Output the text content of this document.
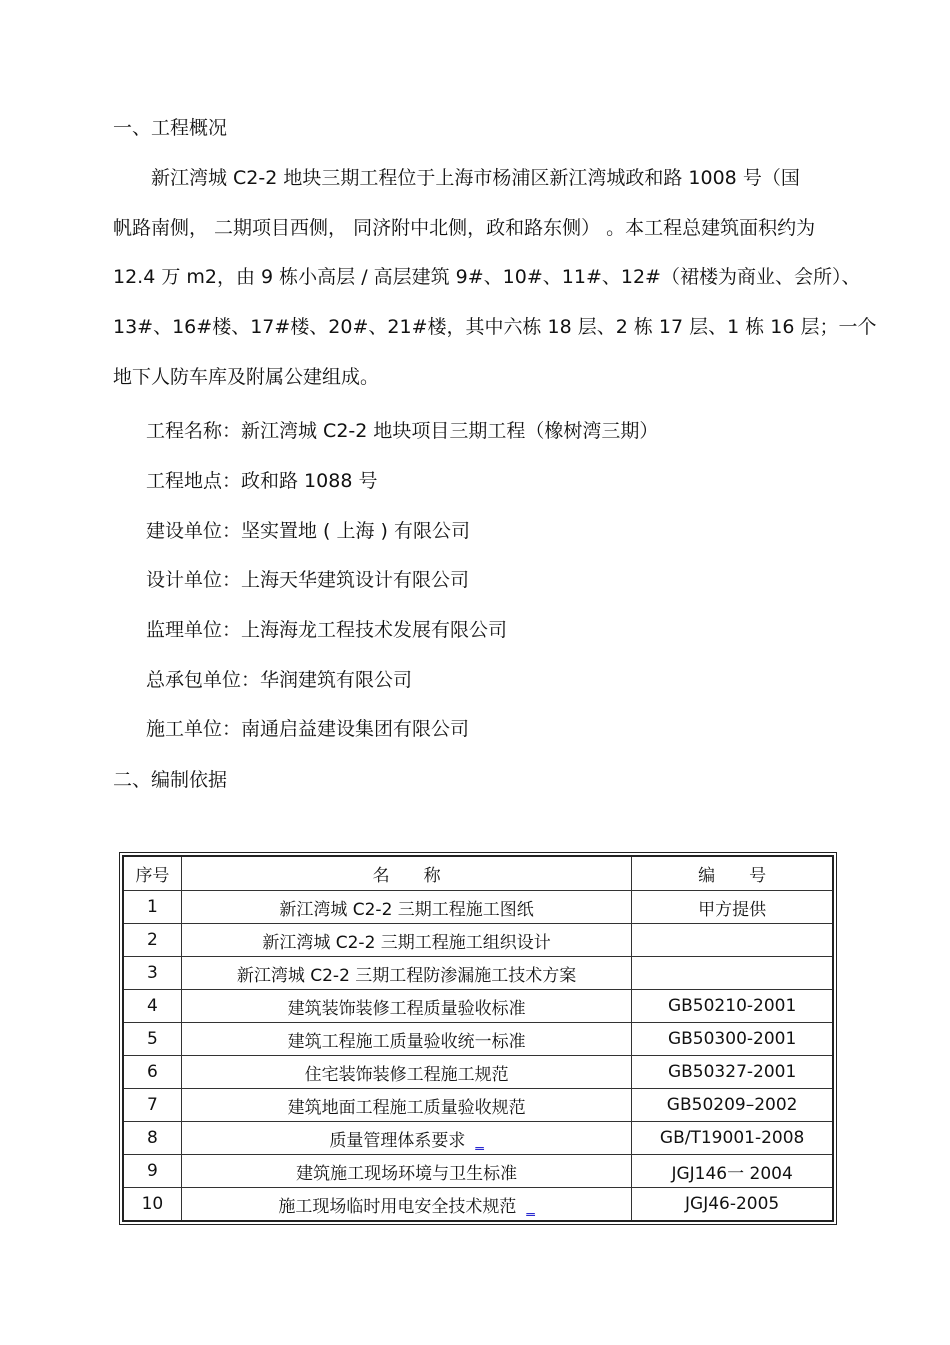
一、工程概况
　　新江湾城 C2-2 地块三期工程位于上海市杨浦区新江湾城政和路 1008 号（国
帆路南侧， 二期项目西侧， 同济附中北侧，政和路东侧） 。本工程总建筑面积约为
12.4 万 m2，由 9 栋小高层 / 高层建筑 9#、10#、11#、12#（裙楼为商业、会所）、
13#、16#楼、17#楼、20#、21#楼，其中六栋 18 层、2 栋 17 层、1 栋 16 层；一个
地下人防车库及附属公建组成。
工程名称：新江湾城 C2-2 地块项目三期工程（橡树湾三期）
工程地点：政和路 1088 号
建设单位：坚实置地 ( 上海 ) 有限公司
设计单位：上海天华建筑设计有限公司
监理单位：上海海龙工程技术发展有限公司
总承包单位：华润建筑有限公司
施工单位：南通启益建设集团有限公司
二、编制依据
序号	名　　称	编　　号
1	新江湾城 C2-2 三期工程施工图纸	甲方提供
2	新江湾城 C2-2 三期工程施工组织设计	
3	新江湾城 C2-2 三期工程防渗漏施工技术方案	
4	建筑装饰装修工程质量验收标准	GB50210-2001
5	建筑工程施工质量验收统一标准	GB50300-2001
6	住宅装饰装修工程施工规范	GB50327-2001
7	建筑地面工程施工质量验收规范	GB50209–2002
8	质量管理体系要求 _	GB/T19001-2008
9	建筑施工现场环境与卫生标准	JGJ146一 2004
10	施工现场临时用电安全技术规范 _	JGJ46-2005
